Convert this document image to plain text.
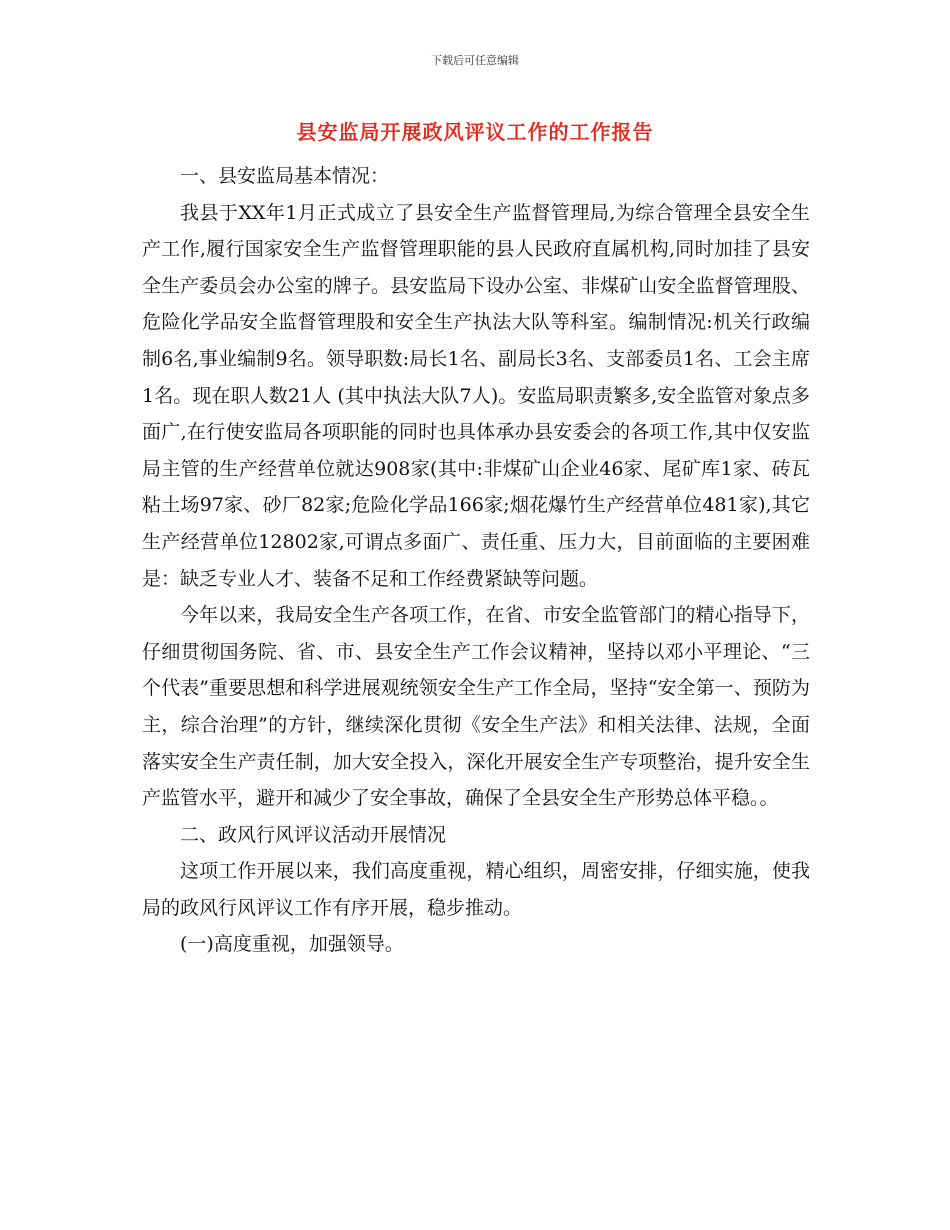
下载后可任意编辑
县安监局开展政风评议工作的工作报告

一、县安监局基本情况：

我县于XX年1月正式成立了县安全生产监督管理局,为综合管理全县安全生产工作,履行国家安全生产监督管理职能的县人民政府直属机构,同时加挂了县安全生产委员会办公室的牌子。县安监局下设办公室、非煤矿山安全监督管理股、危险化学品安全监督管理股和安全生产执法大队等科室。编制情况:机关行政编制6名,事业编制9名。领导职数:局长1名、副局长3名、支部委员1名、工会主席1名。现在职人数21人 (其中执法大队7人)。安监局职责繁多,安全监管对象点多面广,在行使安监局各项职能的同时也具体承办县安委会的各项工作,其中仅安监局主管的生产经营单位就达908家(其中:非煤矿山企业46家、尾矿库1家、砖瓦粘土场97家、砂厂82家;危险化学品166家;烟花爆竹生产经营单位481家),其它生产经营单位12802家,可谓点多面广、责任重、压力大，目前面临的主要困难是：缺乏专业人才、装备不足和工作经费紧缺等问题。

今年以来，我局安全生产各项工作，在省、市安全监管部门的精心指导下，仔细贯彻国务院、省、市、县安全生产工作会议精神，坚持以邓小平理论、“三个代表”重要思想和科学进展观统领安全生产工作全局，坚持“安全第一、预防为主，综合治理”的方针，继续深化贯彻《安全生产法》和相关法律、法规，全面落实安全生产责任制，加大安全投入，深化开展安全生产专项整治，提升安全生产监管水平，避开和减少了安全事故，确保了全县安全生产形势总体平稳。。

二、政风行风评议活动开展情况

这项工作开展以来，我们高度重视，精心组织，周密安排，仔细实施，使我局的政风行风评议工作有序开展，稳步推动。

(一)高度重视，加强领导。
